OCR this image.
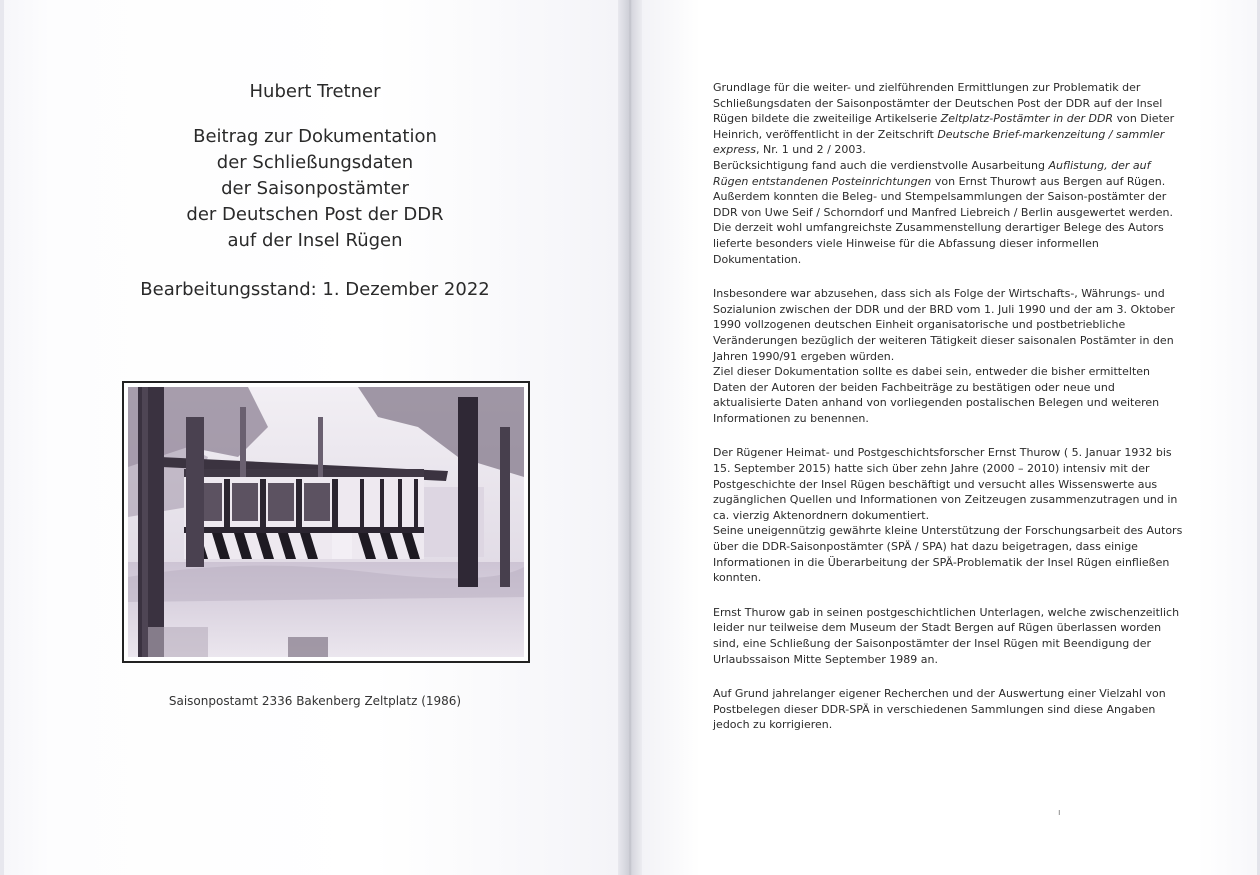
Hubert Tretner

Beitrag zur Dokumentation

der Schließungsdaten

der Saisonpostämter

der Deutschen Post der DDR

auf der Insel Rügen

Bearbeitungsstand: 1. Dezember 2022

Saisonpostamt 2336 Bakenberg Zeltplatz (1986)

Grundlage für die weiter- und zielführenden Ermittlungen zur Problematik der Schließungsdaten der Saisonpostämter der Deutschen Post der DDR auf der Insel Rügen bildete die zweiteilige Artikelserie Zeltplatz-Postämter in der DDR von Dieter Heinrich, veröffentlicht in der Zeitschrift Deutsche Brief-markenzeitung / sammler express, Nr. 1 und 2 / 2003.
Berücksichtigung fand auch die verdienstvolle Ausarbeitung Auflistung, der auf Rügen entstandenen Posteinrichtungen von Ernst Thurow† aus Bergen auf Rügen.
Außerdem konnten die Beleg- und Stempelsammlungen der Saison-postämter der DDR von Uwe Seif / Schorndorf und Manfred Liebreich / Berlin ausgewertet werden.
Die derzeit wohl umfangreichste Zusammenstellung derartiger Belege des Autors lieferte besonders viele Hinweise für die Abfassung dieser informellen Dokumentation.

Insbesondere war abzusehen, dass sich als Folge der Wirtschafts-, Währungs- und Sozialunion zwischen der DDR und der BRD vom 1. Juli 1990 und der am 3. Oktober 1990 vollzogenen deutschen Einheit organisatorische und postbetriebliche Veränderungen bezüglich der weiteren Tätigkeit dieser saisonalen Postämter in den Jahren 1990/91 ergeben würden.
Ziel dieser Dokumentation sollte es dabei sein, entweder die bisher ermittelten Daten der Autoren der beiden Fachbeiträge zu bestätigen oder neue und aktualisierte Daten anhand von vorliegenden postalischen Belegen und weiteren Informationen zu benennen.

Der Rügener Heimat- und Postgeschichtsforscher Ernst Thurow ( 5. Januar 1932 bis 15. September 2015) hatte sich über zehn Jahre (2000 – 2010) intensiv mit der Postgeschichte der Insel Rügen beschäftigt und versucht alles Wissenswerte aus zugänglichen Quellen und Informationen von Zeitzeugen zusammenzutragen und in ca. vierzig Aktenordnern dokumentiert.
Seine uneigennützig gewährte kleine Unterstützung der Forschungsarbeit des Autors über die DDR-Saisonpostämter (SPÄ / SPA) hat dazu beigetragen, dass einige Informationen in die Überarbeitung der SPÄ-Problematik der Insel Rügen einfließen konnten.

Ernst Thurow gab in seinen postgeschichtlichen Unterlagen, welche zwischenzeitlich leider nur teilweise dem Museum der Stadt Bergen auf Rügen überlassen worden sind, eine Schließung der Saisonpostämter der Insel Rügen mit Beendigung der Urlaubssaison Mitte September 1989 an.

Auf Grund jahrelanger eigener Recherchen und der Auswertung einer Vielzahl von Postbelegen dieser DDR-SPÄ in verschiedenen Sammlungen sind diese Angaben jedoch zu korrigieren.

ı
